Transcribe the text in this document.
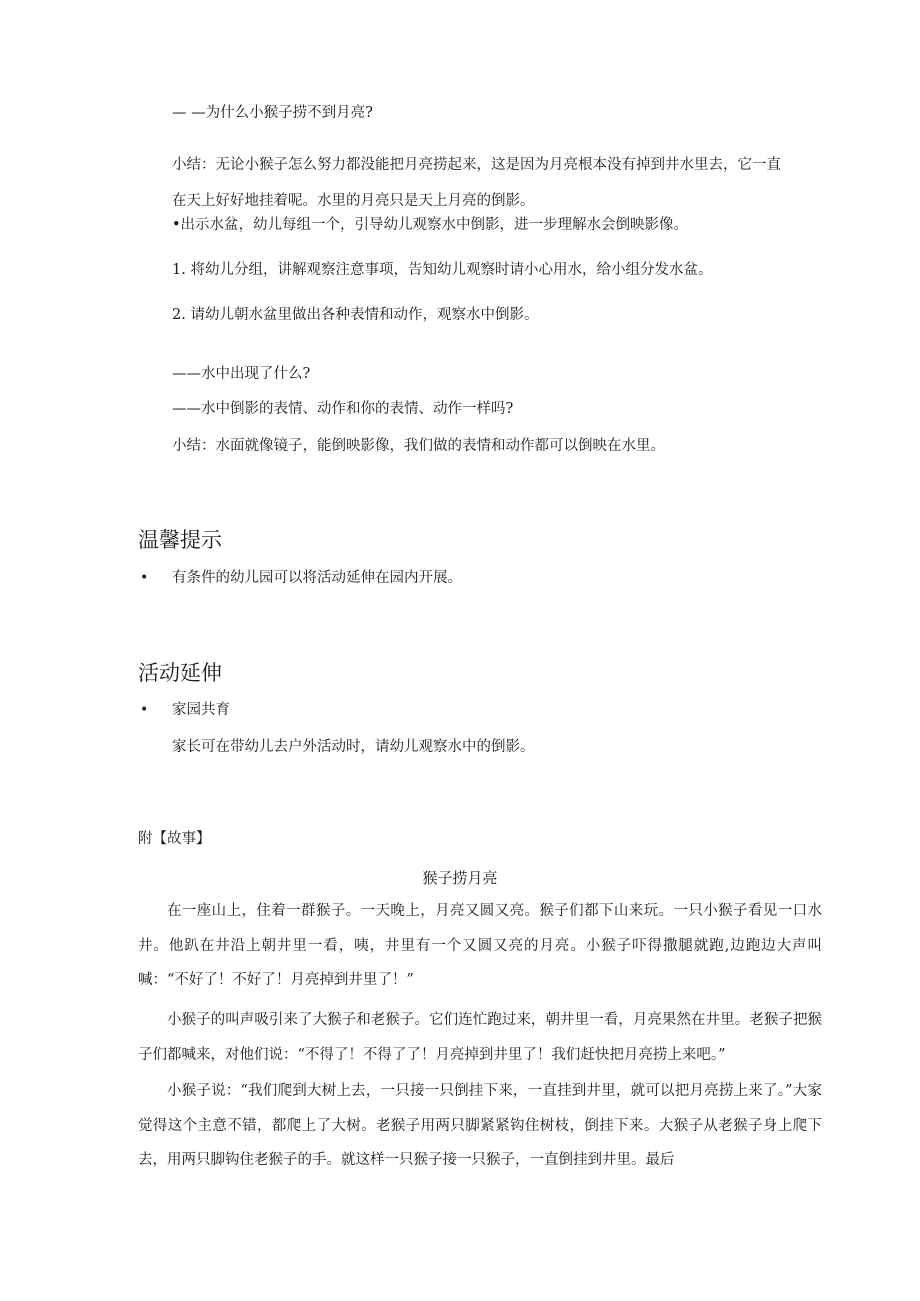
— —为什么小猴子捞不到月亮?
小结：无论小猴子怎么努力都没能把月亮捞起来，这是因为月亮根本没有掉到井水里去，它一直
在天上好好地挂着呢。水里的月亮只是天上月亮的倒影。
•出示水盆，幼儿每组一个，引导幼儿观察水中倒影，进一步理解水会倒映影像。
1. 将幼儿分组，讲解观察注意事项，告知幼儿观察时请小心用水，给小组分发水盆。
2. 请幼儿朝水盆里做出各种表情和动作，观察水中倒影。
——水中出现了什么?
——水中倒影的表情、动作和你的表情、动作一样吗?
小结：水面就像镜子，能倒映影像，我们做的表情和动作都可以倒映在水里。
温馨提示
• 有条件的幼儿园可以将活动延伸在园内开展。
活动延伸
• 家园共育
家长可在带幼儿去户外活动时，请幼儿观察水中的倒影。
附【故事】
猴子捞月亮
在一座山上，住着一群猴子。一天晚上，月亮又圆又亮。猴子们都下山来玩。一只小猴子看见一口水井。他趴在井沿上朝井里一看，咦，井里有一个又圆又亮的月亮。小猴子吓得撒腿就跑,边跑边大声叫喊：“不好了！不好了！月亮掉到井里了！”
小猴子的叫声吸引来了大猴子和老猴子。它们连忙跑过来，朝井里一看，月亮果然在井里。老猴子把猴子们都喊来，对他们说：“不得了！不得了了！月亮掉到井里了！我们赶快把月亮捞上来吧。”
小猴子说：“我们爬到大树上去，一只接一只倒挂下来，一直挂到井里，就可以把月亮捞上来了。”大家觉得这个主意不错，都爬上了大树。老猴子用两只脚紧紧钩住树枝，倒挂下来。大猴子从老猴子身上爬下去，用两只脚钩住老猴子的手。就这样一只猴子接一只猴子，一直倒挂到井里。最后
